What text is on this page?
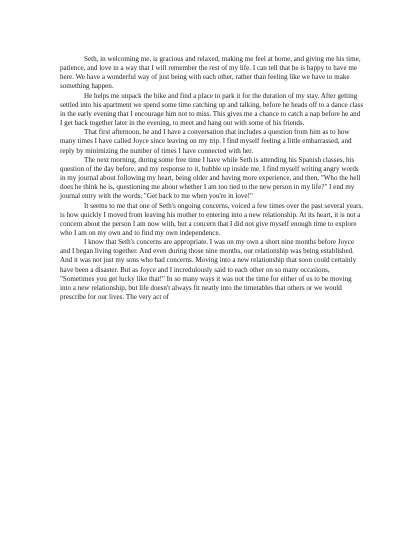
Seth, in welcoming me, is gracious and relaxed, making me feel at home, and giving me his time, patience, and love in a way that I will remember the rest of my life. I can tell that he is happy to have me here. We have a wonderful way of just being with each other, rather than feeling like we have to make something happen.

He helps me unpack the bike and find a place to park it for the duration of my stay. After getting settled into his apartment we spend some time catching up and talking, before he heads off to a dance class in the early evening that I encourage him not to miss. This gives me a chance to catch a nap before he and I get back together later in the evening, to meet and hang out with some of his friends.

That first afternoon, he and I have a conversation that includes a question from him as to how many times I have called Joyce since leaving on my trip. I find myself feeling a little embarrassed, and reply by minimizing the number of times I have connected with her.

The next morning, during some free time I have while Seth is attending his Spanish classes, his question of the day before, and my response to it, bubble up inside me. I find myself writing angry words in my journal about following my heart, being older and having more experience, and then, "Who the hell does he think he is, questioning me about whether I am too tied to the new person in my life?" I end my journal entry with the words, "Get back to me when you're in love!"

It seems to me that one of Seth's ongoing concerns, voiced a few times over the past several years, is how quickly I moved from leaving his mother to entering into a new relationship. At its heart, it is not a concern about the person I am now with, but a concern that I did not give myself enough time to explore who I am on my own and to find my own independence.

I know that Seth's concerns are appropriate. I was on my own a short nine months before Joyce and I began living together. And even during those nine months, our relationship was being established. And it was not just my sons who had concerns. Moving into a new relationship that soon could certainly have been a disaster. But as Joyce and I incredulously said to each other on so many occasions, "Sometimes you get lucky like that!" In so many ways it was not the time for either of us to be moving into a new relationship, but life doesn't always fit neatly into the timetables that others or we would prescribe for our lives. The very act of
